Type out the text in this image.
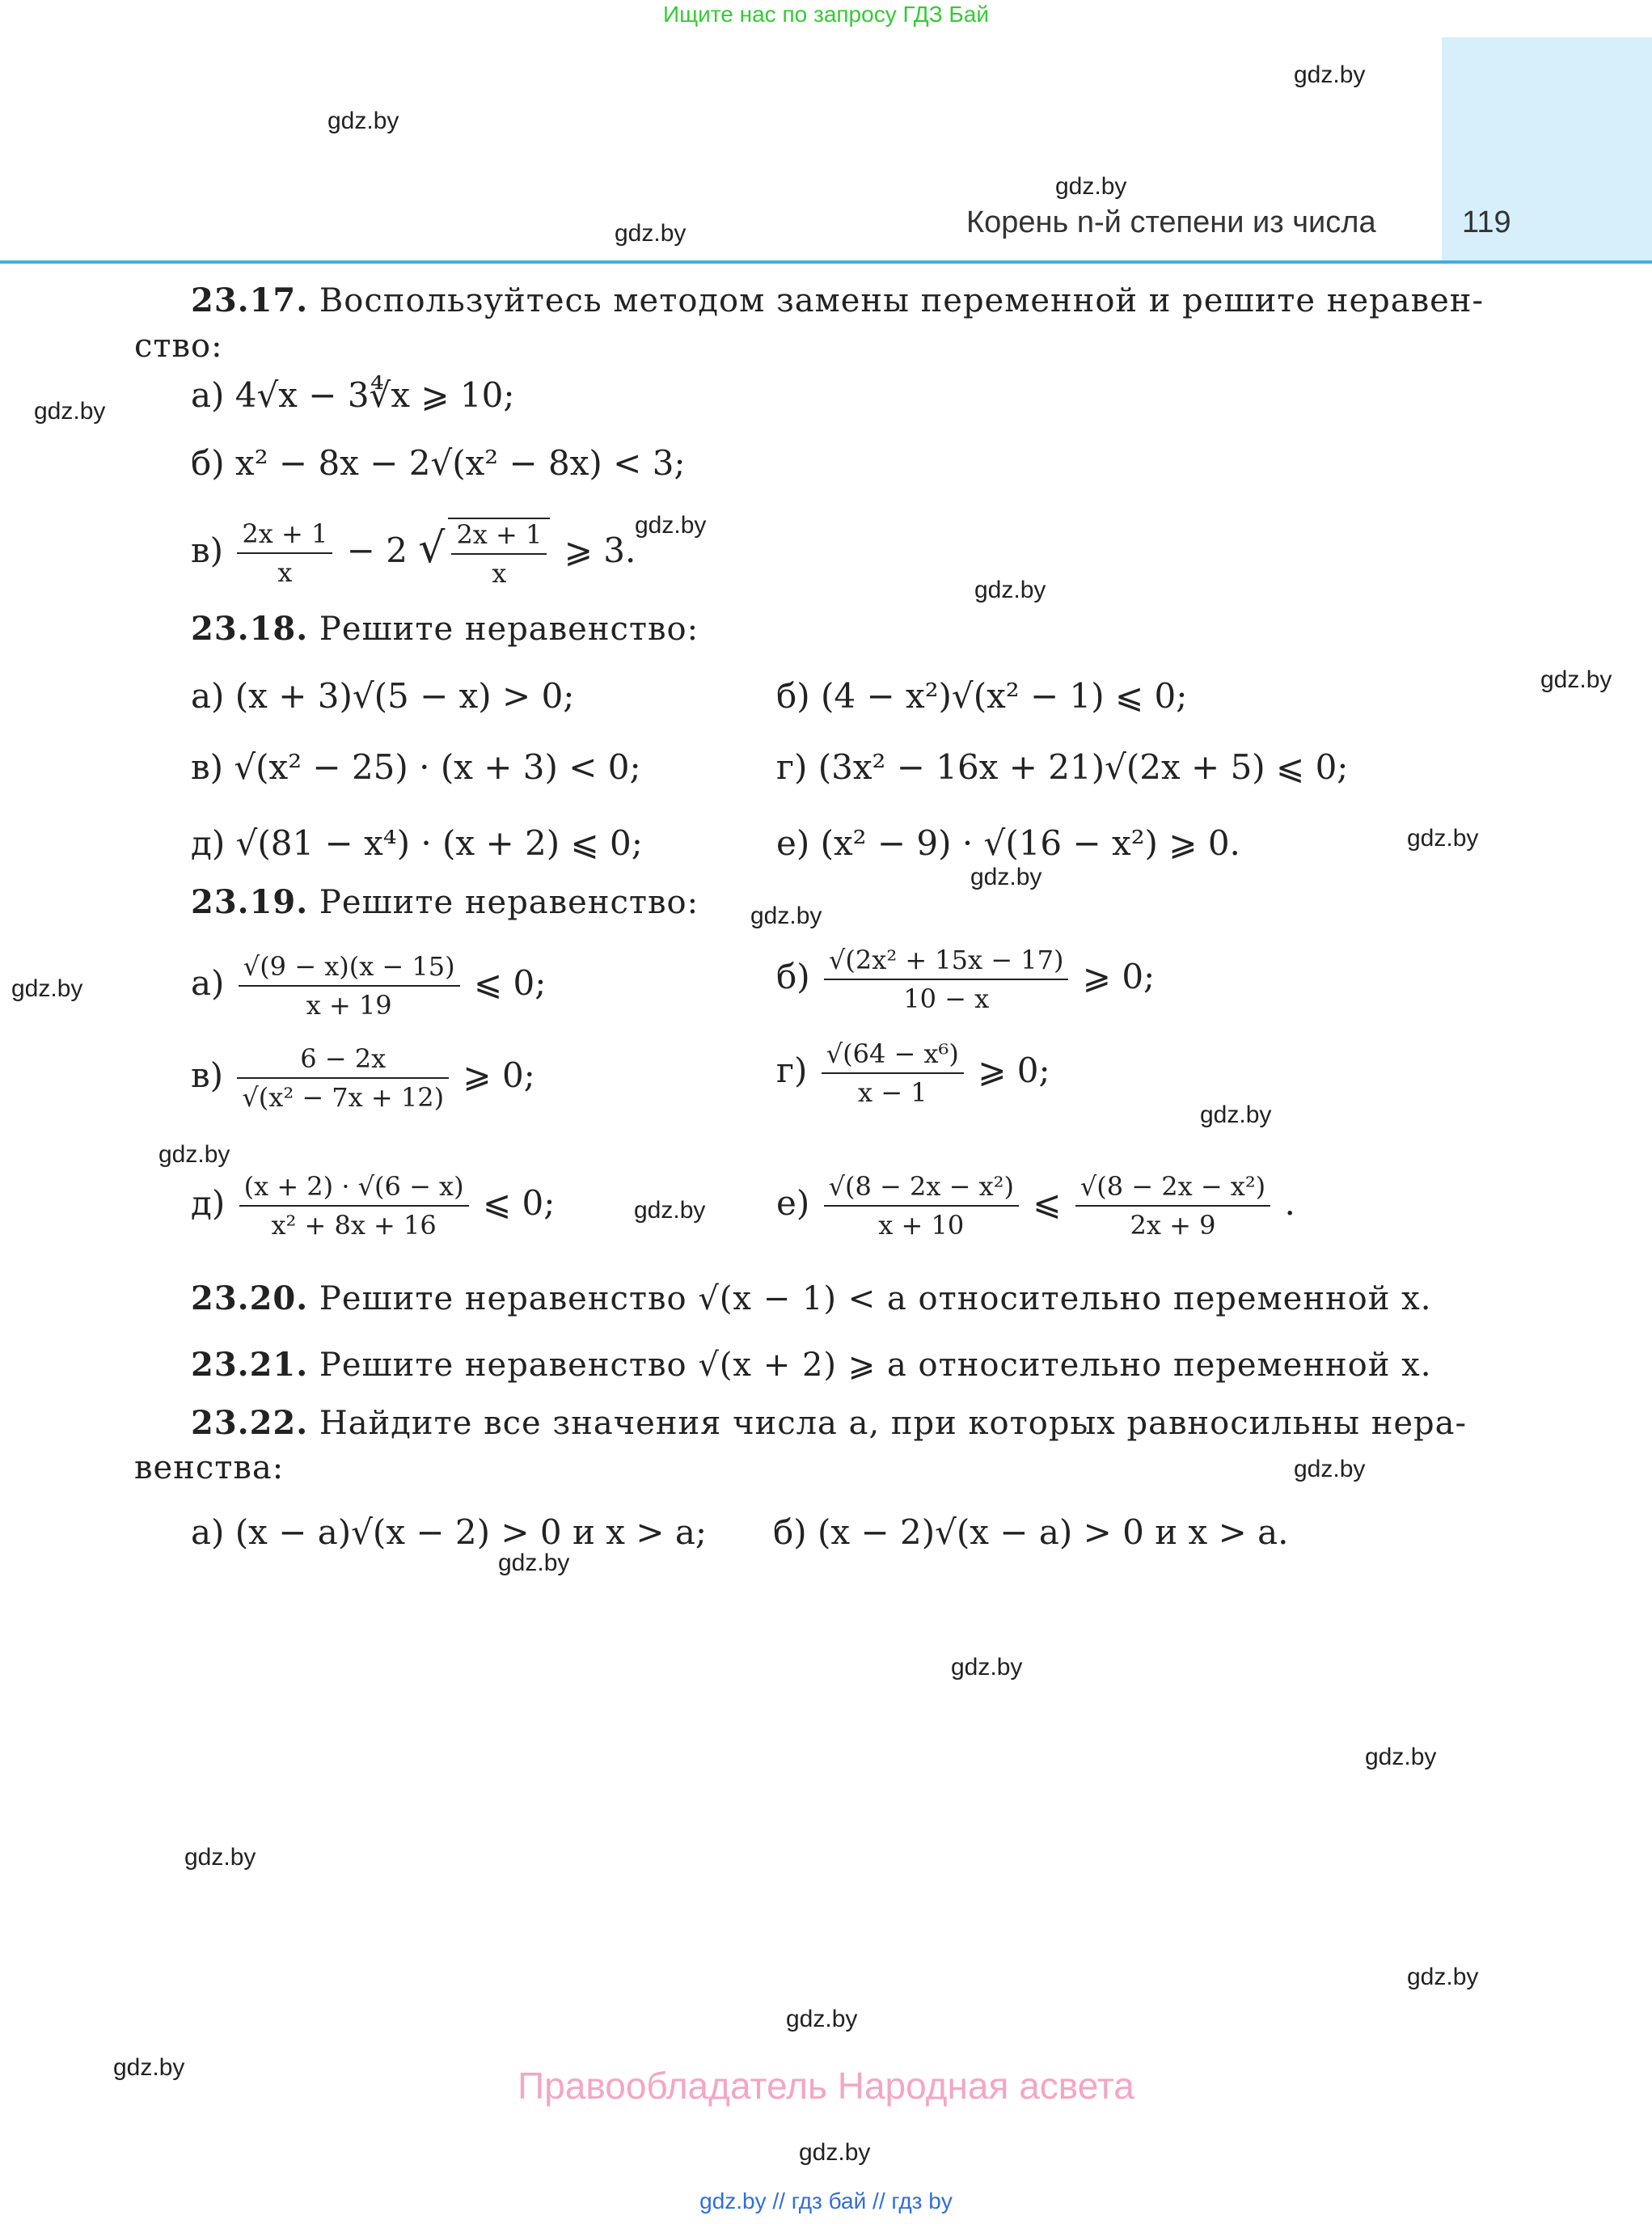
Ищите нас по запросу ГДЗ Бай
Корень n-й степени из числа	119
gdz.by
gdz.by
gdz.by
gdz.by
gdz.by
gdz.by
gdz.by
gdz.by
gdz.by
gdz.by
gdz.by
gdz.by
gdz.by
gdz.by
gdz.by
gdz.by
gdz.by
gdz.by
gdz.by
gdz.by
gdz.by
gdz.by
gdz.by
gdz.by
23.17. Воспользуйтесь методом замены переменной и решите неравен-
ство:
а) 4√x − 3∜x ⩾ 10;
б) x² − 8x − 2√(x² − 8x) < 3;
$в) \frac{2x + 1}{x} - 2$ √ $\frac{2x + 1}{x}$ ⩾ 3.
23.18. Решите неравенство:
а) (x + 3)√(5 − x) > 0;	б) (4 − x²)√(x² − 1) ⩽ 0;
в) √(x² − 25) · (x + 3) < 0;	г) (3x² − 16x + 21)√(2x + 5) ⩽ 0;
д) √(81 − x⁴) · (x + 2) ⩽ 0;	е) (x² − 9) · √(16 − x²) ⩾ 0.
23.19. Решите неравенство:
$а) \frac{√(9 - x)(x - 15)}{x + 19}$ ⩽ 0;	$б) \frac{\text{√(2x² + 15x − 17)}}{10 - x}$ ⩾ 0;
$в) \frac{6 - 2x}{\text{√(x² − 7x + 12)}}$ ⩾ 0;	$г) \frac{\text{√(64 − x⁶)}}{x - 1}$ ⩾ 0;
$д) \frac{(x + 2) \cdot √(6 - x)}{\text{x² + 8x + 16}}$ ⩽ 0;	$е) \frac{\text{√(8 − 2x − x²)}}{x + 10}$ ⩽ $\frac{\text{√(8 − 2x − x²)}}{2x + 9}$ .
23.20. Решите неравенство √(x − 1) < a относительно переменной x.
23.21. Решите неравенство √(x + 2) ⩾ a относительно переменной x.
23.22. Найдите все значения числа a, при которых равносильны нера-
венства:
а) (x − a)√(x − 2) > 0 и x > a; б) (x − 2)√(x − a) > 0 и x > a.
Правообладатель Народная асвета
gdz.by // гдз бай // гдз by
